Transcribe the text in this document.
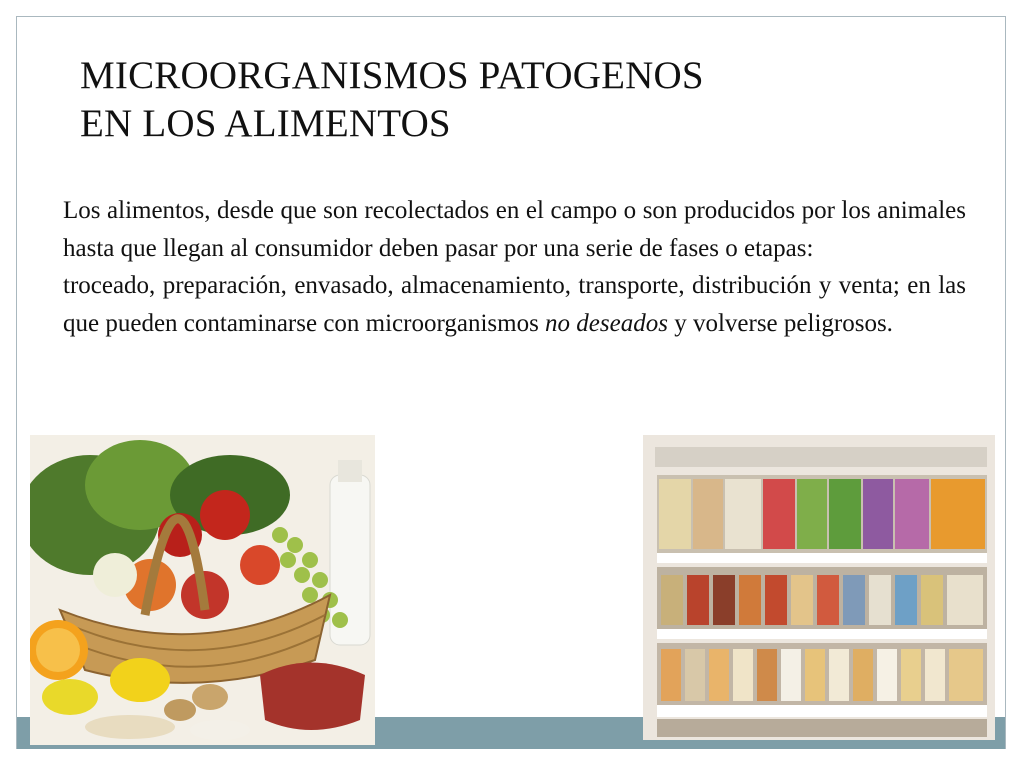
MICROORGANISMOS PATOGENOS
EN LOS ALIMENTOS

Los alimentos, desde que son recolectados en el campo o son producidos por los animales hasta que llegan al consumidor deben pasar por una serie de fases o etapas:

troceado, preparación, envasado, almacenamiento, transporte, distribución y venta; en las que pueden contaminarse con microorganismos no deseados y volverse peligrosos.
